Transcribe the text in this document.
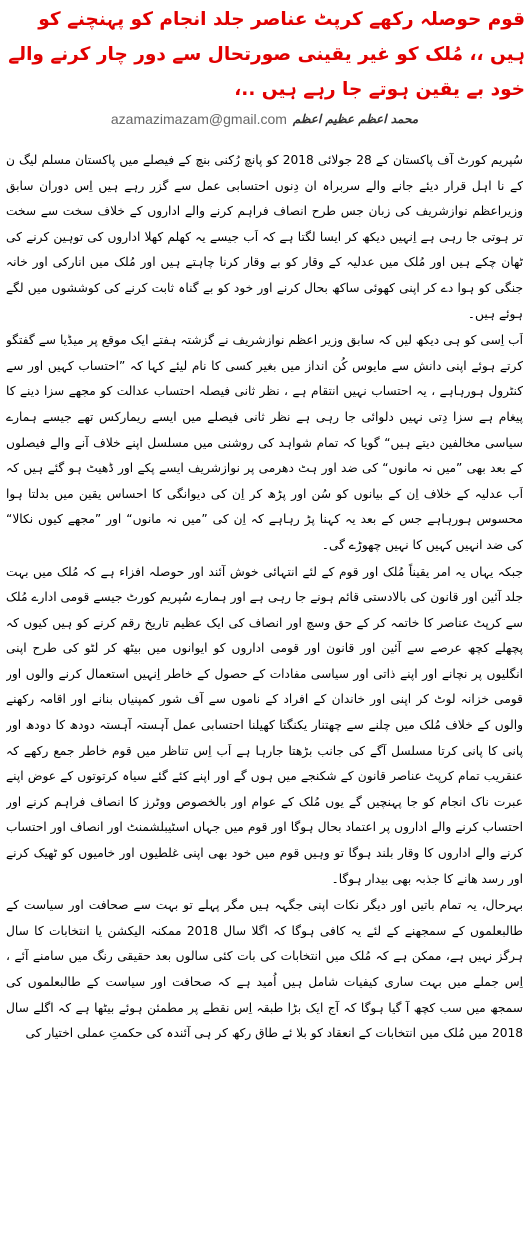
قوم حوصلہ رکھے کرپٹ عناصر جلد انجام کو پہنچنے کو ہیں ،، مُلک کو غیر یقینی صورتحال سے دور چار کرنے والے خود بے یقین ہوتے جا رہے ہیں ..،
azamazimazam@gmail.com محمد اعظم عظیم اعظم

سُپریم کورٹ آف پاکستان کے 28 جولائی 2018 کو پانچ رُکنی بنچ کے فیصلے میں پاکستان مسلم لیگ ن کے نا اہل قرار دیئے جانے والے سربراہ ان دِنوں احتسابی عمل سے گزر رہے ہیں اِس دوران سابق وزیراعظم نوازشریف کی زبان جس طرح انصاف فراہم کرنے والے اداروں کے خلاف سخت سے سخت تر ہوتی جا رہی ہے اِنہیں دیکھ کر ایسا لگتا ہے کہ اَب جیسے یہ کھلم کھلا اداروں کی توہین کرنے کی ٹھان چکے ہیں اور مُلک میں عدلیہ کے وقار کو بے وقار کرنا چاہتے ہیں اور مُلک میں انارکی اور خانہ جنگی کو ہوا دے کر اپنی کھوئی ساکھ بحال کرنے اور خود کو بے گناہ ثابت کرنے کی کوششوں میں لگے ہوئے ہیں۔

اَب اِسی کو ہی دیکھ لیں کہ سابق وزیر اعظم نوازشریف نے گزشتہ ہفتے ایک موقع پر میڈیا سے گفتگو کرتے ہوئے اپنی دانش سے مایوس کُن انداز میں بغیر کسی کا نام لیئے کہا کہ ”احتساب کہیں اور سے کنٹرول ہورہاہے ، یہ احتساب نہیں انتقام ہے ، نظر ثانی فیصلہ احتساب عدالت کو مجھے سزا دینے کا پیغام ہے سزا دِتی نہیں دلوائی جا رہی ہے نظر ثانی فیصلے میں ایسے ریمارکس تھے جیسے ہمارے سیاسی مخالفین دیتے ہیں“ گویا کہ تمام شواہد کی روشنی میں مسلسل اپنے خلاف آنے والے فیصلوں کے بعد بھی ”میں نہ مانوں“ کی ضد اور ہٹ دھرمی پر نوازشریف ایسے پکے اور ڈھیٹ ہو گئے ہیں کہ اَب عدلیہ کے خلاف اِن کے بیانوں کو سُن اور پڑھ کر اِن کی دیوانگی کا احساس یقین میں بدلتا ہوا محسوس ہورہاہے جس کے بعد یہ کہنا پڑ رہاہے کہ اِن کی ”میں نہ مانوں“ اور ”مجھے کیوں نکالا“ کی ضد انہیں کہیں کا نہیں چھوڑے گی۔

جبکہ یہاں یہ امر یقیناً مُلک اور قوم کے لئے انتہائی خوش آئند اور حوصلہ افزاء ہے کہ مُلک میں بہت جلد آئین اور قانون کی بالادستی قائم ہونے جا رہی ہے اور ہمارے سُپریم کورٹ جیسے قومی ادارے مُلک سے کرپٹ عناصر کا خاتمہ کر کے حق وسچ اور انصاف کی ایک عظیم تاریخ رقم کرنے کو ہیں کیوں کہ پچھلے کچھ عرصے سے آئین اور قانون اور قومی اداروں کو ایوانوں میں بیٹھ کر لٹو کی طرح اپنی انگلیوں پر نچانے اور اپنے ذاتی اور سیاسی مفادات کے حصول کے خاطر اِنہیں استعمال کرنے والوں اور قومی خزانہ لوٹ کر اپنی اور خاندان کے افراد کے ناموں سے آف شور کمپنیاں بنانے اور اقامہ رکھنے والوں کے خلاف مُلک میں چلنے سے چھتنار یکنگتا کھیلنا احتسابی عمل آہستہ آہستہ دودھ کا دودھ اور پانی کا پانی کرتا مسلسل آگے کی جانب بڑھتا جارہا ہے اَب اِس تناظر میں قوم خاطر جمع رکھے کہ عنقریب تمام کرپٹ عناصر قانون کے شکنجے میں ہوں گے اور اپنے کئے گئے سیاہ کرتوتوں کے عوض اپنے عبرت ناک انجام کو جا پہنچیں گے یوں مُلک کے عوام اور بالخصوص ووٹرز کا انصاف فراہم کرنے اور احتساب کرنے والے اداروں پر اعتماد بحال ہوگا اور قوم میں جہاں اسٹیبلشمنٹ اور انصاف اور احتساب کرنے والے اداروں کا وقار بلند ہوگا تو وہیں قوم میں خود بھی اپنی غلطیوں اور خامیوں کو ٹھیک کرنے اور رسد ھانے کا جذبہ بھی بیدار ہوگا۔

بہرحال، یہ تمام باتیں اور دیگر نکات اپنی جگہہ ہیں مگر پہلے تو بہت سے صحافت اور سیاست کے طالبعلموں کے سمجھنے کے لئے یہ کافی ہوگا کہ اگلا سال 2018 ممکنہ الیکشن یا انتخابات کا سال ہرگز نہیں ہے، ممکن ہے کہ مُلک میں انتخابات کی بات کئی سالوں بعد حقیقی رنگ میں سامنے آئے ، اِس جملے میں بہت ساری کیفیات شامل ہیں اُمید ہے کہ صحافت اور سیاست کے طالبعلموں کی سمجھ میں سب کچھ آ گیا ہوگا کہ آج ایک بڑا طبقہ اِس نقطے پر مطمئن ہوئے بیٹھا ہے کہ اگلے سال 2018 میں مُلک میں انتخابات کے انعقاد کو بلا ئے طاق رکھ کر ہی آئندہ کی حکمتِ عملی اختیار کی
